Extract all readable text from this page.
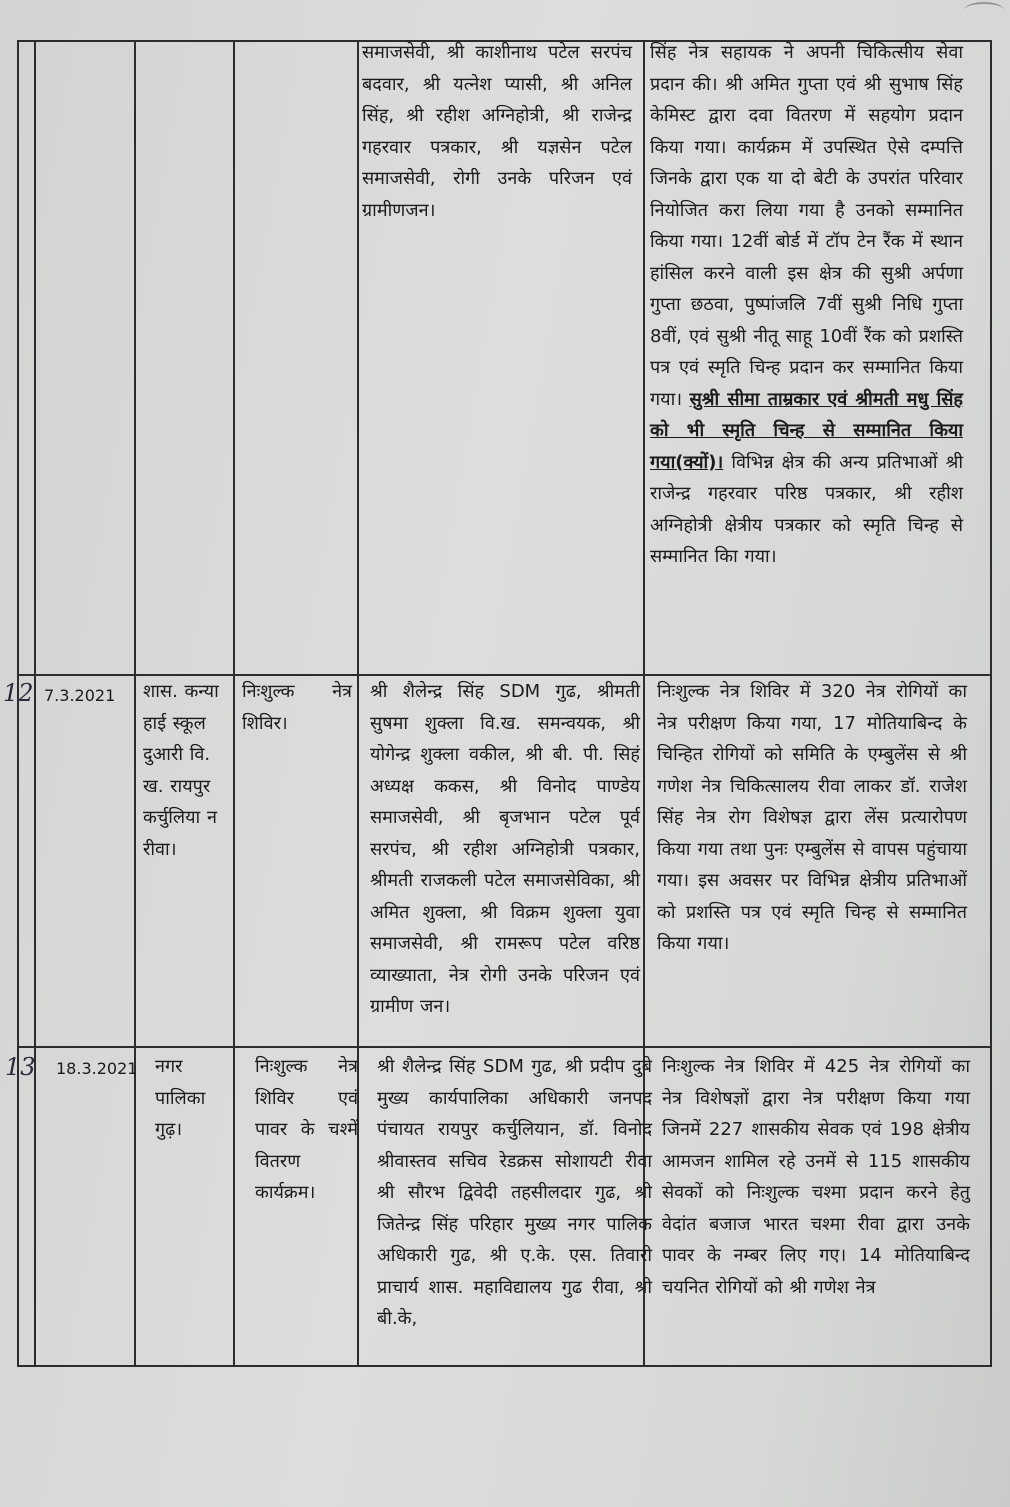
समाजसेवी, श्री काशीनाथ पटेल सरपंच बदवार, श्री यत्नेश प्यासी, श्री अनिल सिंह, श्री रहीश अग्निहोत्री, श्री राजेन्द्र गहरवार पत्रकार, श्री यज्ञसेन पटेल समाजसेवी, रोगी उनके परिजन एवं ग्रामीणजन।
सिंह नेत्र सहायक ने अपनी चिकित्सीय सेवा प्रदान की। श्री अमित गुप्ता एवं श्री सुभाष सिंह केमिस्ट द्वारा दवा वितरण में सहयोग प्रदान किया गया। कार्यक्रम में उपस्थित ऐसे दम्पत्ति जिनके द्वारा एक या दो बेटी के उपरांत परिवार नियोजित करा लिया गया है उनको सम्मानित किया गया। 12वीं बोर्ड में टॉप टेन रैंक में स्थान हांसिल करने वाली इस क्षेत्र की सुश्री अर्पणा गुप्ता छठवा, पुष्पांजलि 7वीं सुश्री निधि गुप्ता 8वीं, एवं सुश्री नीतू साहू 10वीं रैंक को प्रशस्ति पत्र एवं स्मृति चिन्ह प्रदान कर सम्मानित किया गया। सुश्री सीमा ताम्रकार एवं श्रीमती मधु सिंह को भी स्मृति चिन्ह से सम्मानित किया गया(क्यों)। विभिन्न क्षेत्र की अन्य प्रतिभाओं श्री राजेन्द्र गहरवार परिष्ठ पत्रकार, श्री रहीश अग्निहोत्री क्षेत्रीय पत्रकार को स्मृति चिन्ह से सम्मानित किा गया।
12 7.3.2021 शास. कन्या हाई स्कूल दुआरी वि. ख. रायपुर कर्चुलिया न रीवा।
निःशुल्क नेत्र शिविर।
श्री शैलेन्द्र सिंह SDM गुढ, श्रीमती सुषमा शुक्ला वि.ख. समन्वयक, श्री योगेन्द्र शुक्ला वकील, श्री बी. पी. सिहं अध्यक्ष ककस, श्री विनोद पाण्डेय समाजसेवी, श्री बृजभान पटेल पूर्व सरपंच, श्री रहीश अग्निहोत्री पत्रकार, श्रीमती राजकली पटेल समाजसेविका, श्री अमित शुक्ला, श्री विक्रम शुक्ला युवा समाजसेवी, श्री रामरूप पटेल वरिष्ठ व्याख्याता, नेत्र रोगी उनके परिजन एवं ग्रामीण जन।
निःशुल्क नेत्र शिविर में 320 नेत्र रोगियों का नेत्र परीक्षण किया गया, 17 मोतियाबिन्द के चिन्हित रोगियों को समिति के एम्बुलेंस से श्री गणेश नेत्र चिकित्सालय रीवा लाकर डॉ. राजेश सिंह नेत्र रोग विशेषज्ञ द्वारा लेंस प्रत्यारोपण किया गया तथा पुनः एम्बुलेंस से वापस पहुंचाया गया। इस अवसर पर विभिन्न क्षेत्रीय प्रतिभाओं को प्रशस्ति पत्र एवं स्मृति चिन्ह से सम्मानित किया गया।
13 18.3.2021 नगर पालिका गुढ़।
निःशुल्क नेत्र शिविर एवं पावर के चश्में वितरण कार्यक्रम।
श्री शैलेन्द्र सिंह SDM गुढ, श्री प्रदीप दुबे मुख्य कार्यपालिका अधिकारी जनपद पंचायत रायपुर कर्चुलियान, डॉ. विनोद श्रीवास्तव सचिव रेडक्रस सोशायटी रीवा श्री सौरभ द्विवेदी तहसीलदार गुढ, श्री जितेन्द्र सिंह परिहार मुख्य नगर पालिक अधिकारी गुढ, श्री ए.के. एस. तिवारी प्राचार्य शास. महाविद्यालय गुढ रीवा, श्री बी.के,
निःशुल्क नेत्र शिविर में 425 नेत्र रोगियों का नेत्र विशेषज्ञों द्वारा नेत्र परीक्षण किया गया जिनमें 227 शासकीय सेवक एवं 198 क्षेत्रीय आमजन शामिल रहे उनमें से 115 शासकीय सेवकों को निःशुल्क चश्मा प्रदान करने हेतु वेदांत बजाज भारत चश्मा रीवा द्वारा उनके पावर के नम्बर लिए गए। 14 मोतियाबिन्द चयनित रोगियों को श्री गणेश नेत्र
